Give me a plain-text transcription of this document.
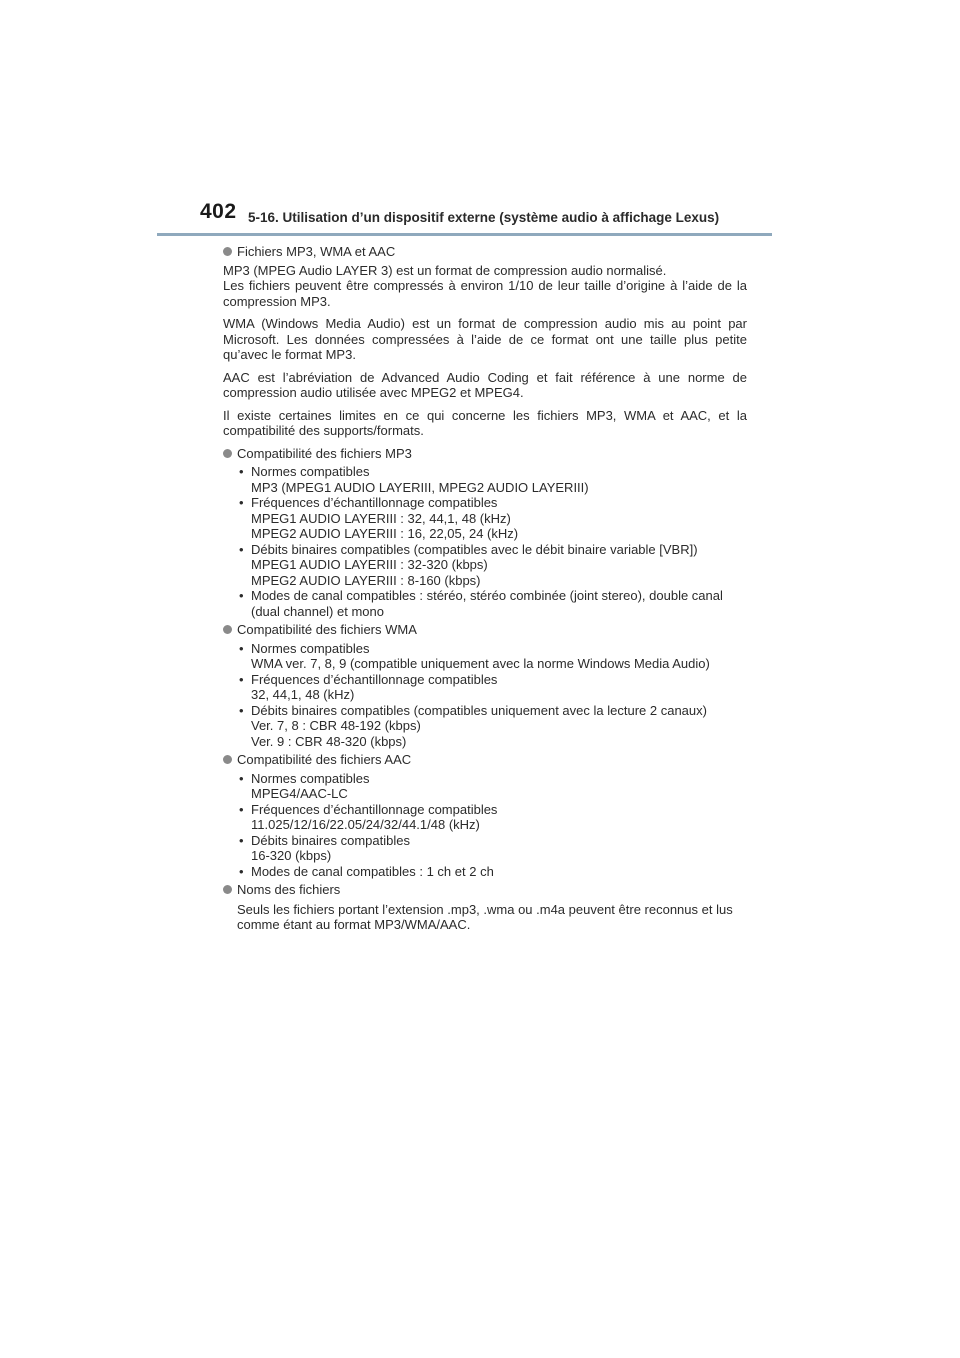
402 5-16. Utilisation d’un dispositif externe (système audio à affichage Lexus)
Fichiers MP3, WMA et AAC

MP3 (MPEG Audio LAYER 3) est un format de compression audio normalisé.

Les fichiers peuvent être compressés à environ 1/10 de leur taille d’origine à l’aide de la compression MP3.

WMA (Windows Media Audio) est un format de compression audio mis au point par Microsoft. Les données compressées à l’aide de ce format ont une taille plus petite qu’avec le format MP3.

AAC est l’abréviation de Advanced Audio Coding et fait référence à une norme de compression audio utilisée avec MPEG2 et MPEG4.

Il existe certaines limites en ce qui concerne les fichiers MP3, WMA et AAC, et la compatibilité des supports/formats.

Compatibilité des fichiers MP3
• Normes compatibles
MP3 (MPEG1 AUDIO LAYERIII, MPEG2 AUDIO LAYERIII)
• Fréquences d’échantillonnage compatibles
MPEG1 AUDIO LAYERIII : 32, 44,1, 48 (kHz)
MPEG2 AUDIO LAYERIII : 16, 22,05, 24 (kHz)
• Débits binaires compatibles (compatibles avec le débit binaire variable [VBR])
MPEG1 AUDIO LAYERIII : 32-320 (kbps)
MPEG2 AUDIO LAYERIII : 8-160 (kbps)
• Modes de canal compatibles : stéréo, stéréo combinée (joint stereo), double canal (dual channel) et mono
Compatibilité des fichiers WMA
• Normes compatibles
WMA ver. 7, 8, 9 (compatible uniquement avec la norme Windows Media Audio)
• Fréquences d’échantillonnage compatibles
32, 44,1, 48 (kHz)
• Débits binaires compatibles (compatibles uniquement avec la lecture 2 canaux)
Ver. 7, 8 : CBR 48-192 (kbps)
Ver. 9 : CBR 48-320 (kbps)
Compatibilité des fichiers AAC
• Normes compatibles
MPEG4/AAC-LC
• Fréquences d’échantillonnage compatibles
11.025/12/16/22.05/24/32/44.1/48 (kHz)
• Débits binaires compatibles
16-320 (kbps)
• Modes de canal compatibles : 1 ch et 2 ch
Noms des fichiers

Seuls les fichiers portant l’extension .mp3, .wma ou .m4a peuvent être reconnus et lus comme étant au format MP3/WMA/AAC.
